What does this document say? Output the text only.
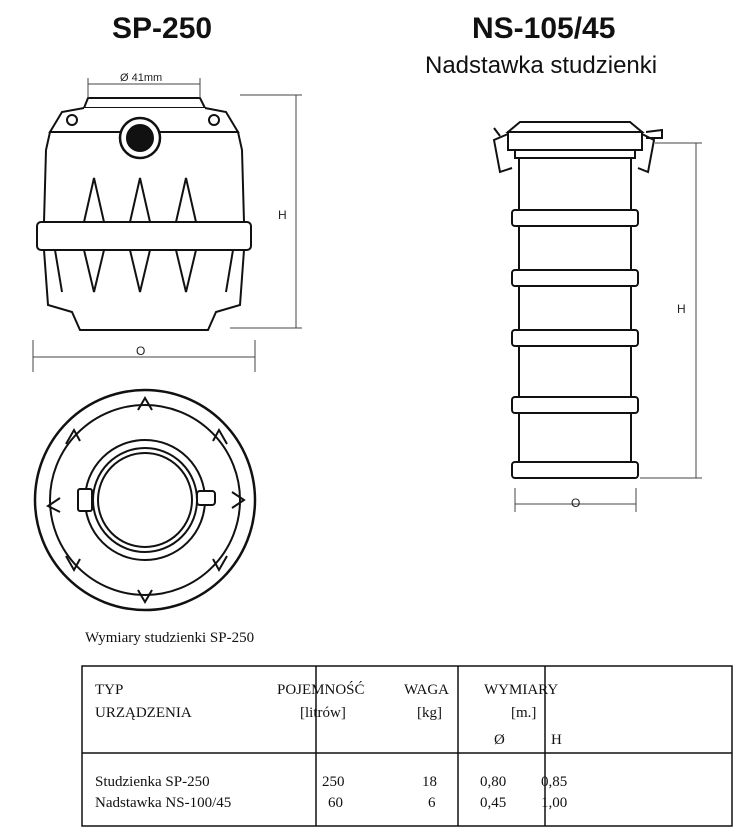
SP-250	NS-105/45
Nadstawka studzienki
Ø 41mm
H
O
H
O
Wymiary studzienki SP-250
TYP
URZĄDZENIA
POJEMNOŚĆ
[litrów]
WAGA
[kg]
WYMIARY
[m.]
Ø	H
Studzienka SP-250	250	18	0,80 0,85
Nadstawka NS-100/45	60	6	0,45 1,00
